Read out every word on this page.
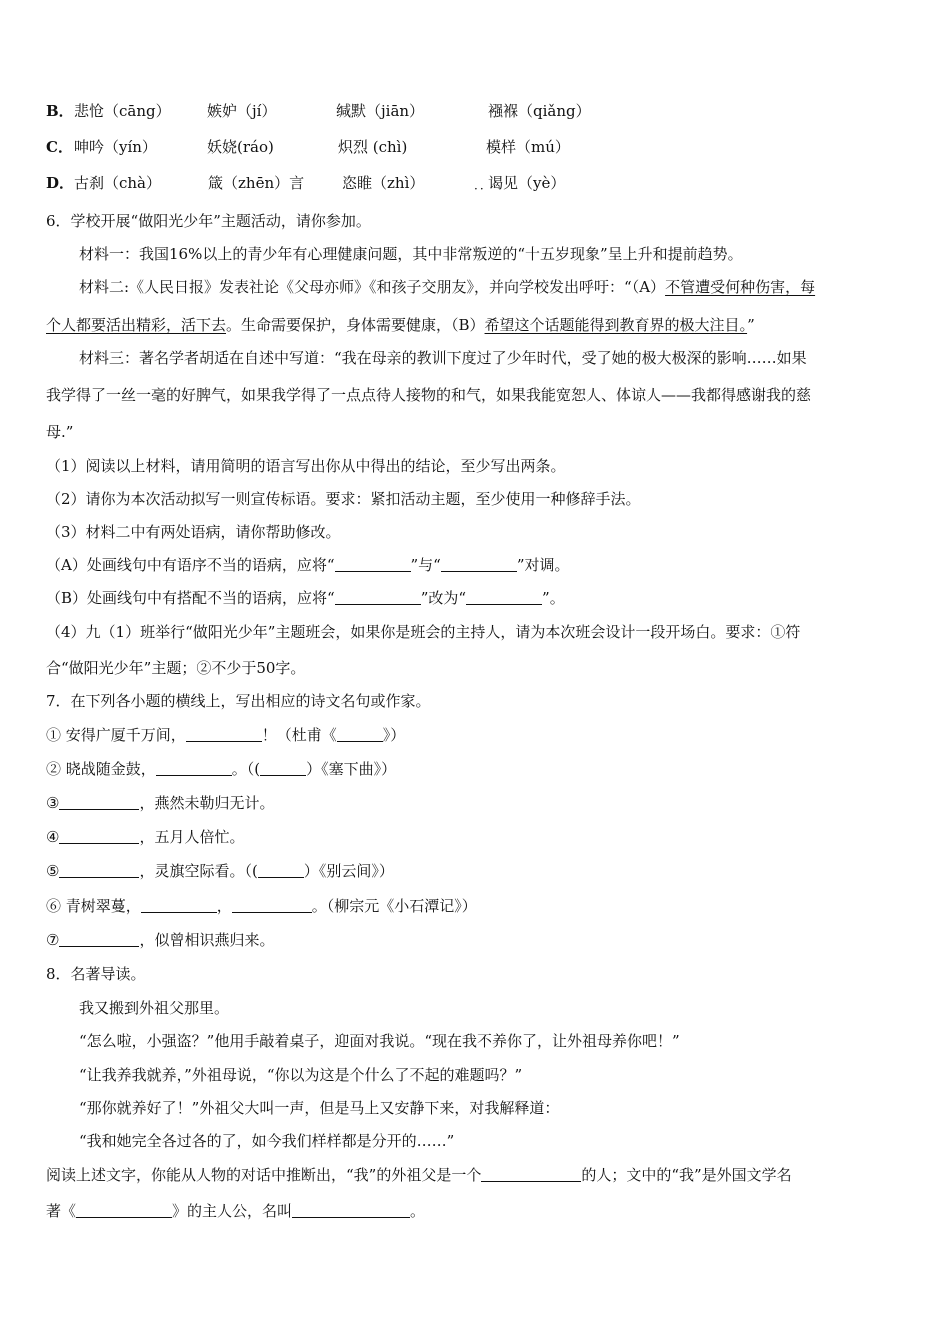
B． 悲怆（cāng） 嫉妒（jí）	缄默（jiān）	襁褓（qiǎng）
C． 呻吟（yín）	妖娆(ráo)	炽烈 (chì)	模样（mú）
D． 古刹（chà）	箴（zhēn）言	恣睢（zhì）	谒见（yè）
··
6．学校开展“做阳光少年”主题活动，请你参加。
材料一：我国16%以上的青少年有心理健康问题，其中非常叛逆的“十五岁现象”呈上升和提前趋势。
材料二:《人民日报》发表社论《父母亦师》《和孩子交朋友》，并向学校发出呼吁：“（A）不管遭受何种伤害，每
个人都要活出精彩，活下去。生命需要保护，身体需要健康，（B）希望这个话题能得到教育界的极大注目。”
材料三：著名学者胡适在自述中写道：“我在母亲的教训下度过了少年时代，受了她的极大极深的影响……如果
我学得了一丝一毫的好脾气，如果我学得了一点点待人接物的和气，如果我能宽恕人、体谅人——我都得感谢我的慈
母.”
（1）阅读以上材料，请用简明的语言写出你从中得出的结论，至少写出两条。
（2）请你为本次活动拟写一则宣传标语。要求：紧扣活动主题，至少使用一种修辞手法。
（3）材料二中有两处语病，请你帮助修改。
（A）处画线句中有语序不当的语病，应将“	”与“	”对调。
（B）处画线句中有搭配不当的语病，应将“	”改为“	”。
（4）九（1）班举行“做阳光少年”主题班会，如果你是班会的主持人，请为本次班会设计一段开场白。要求：①符
合“做阳光少年”主题；②不少于50字。
7．在下列各小题的横线上，写出相应的诗文名句或作家。
① 安得广厦千万间，	！（杜甫《	》）
② 晓战随金鼓，	。（(	）《塞下曲》）
③	，燕然未勒归无计。
④	，五月人倍忙。
⑤	，灵旗空际看。（(	）《别云间》）
⑥ 青树翠蔓，	，	。（柳宗元《小石潭记》）
⑦	，似曾相识燕归来。
8．名著导读。
我又搬到外祖父那里。
“怎么啦，小强盗？”他用手敲着桌子，迎面对我说。“现在我不养你了，让外祖母养你吧！”
“让我养我就养，”外祖母说，“你以为这是个什么了不起的难题吗？”
“那你就养好了！”外祖父大叫一声，但是马上又安静下来，对我解释道：
“我和她完全各过各的了，如今我们样样都是分开的……”
阅读上述文字，你能从人物的对话中推断出，“我”的外祖父是一个	的人；文中的“我”是外国文学名
著《	》的主人公，名叫	。
